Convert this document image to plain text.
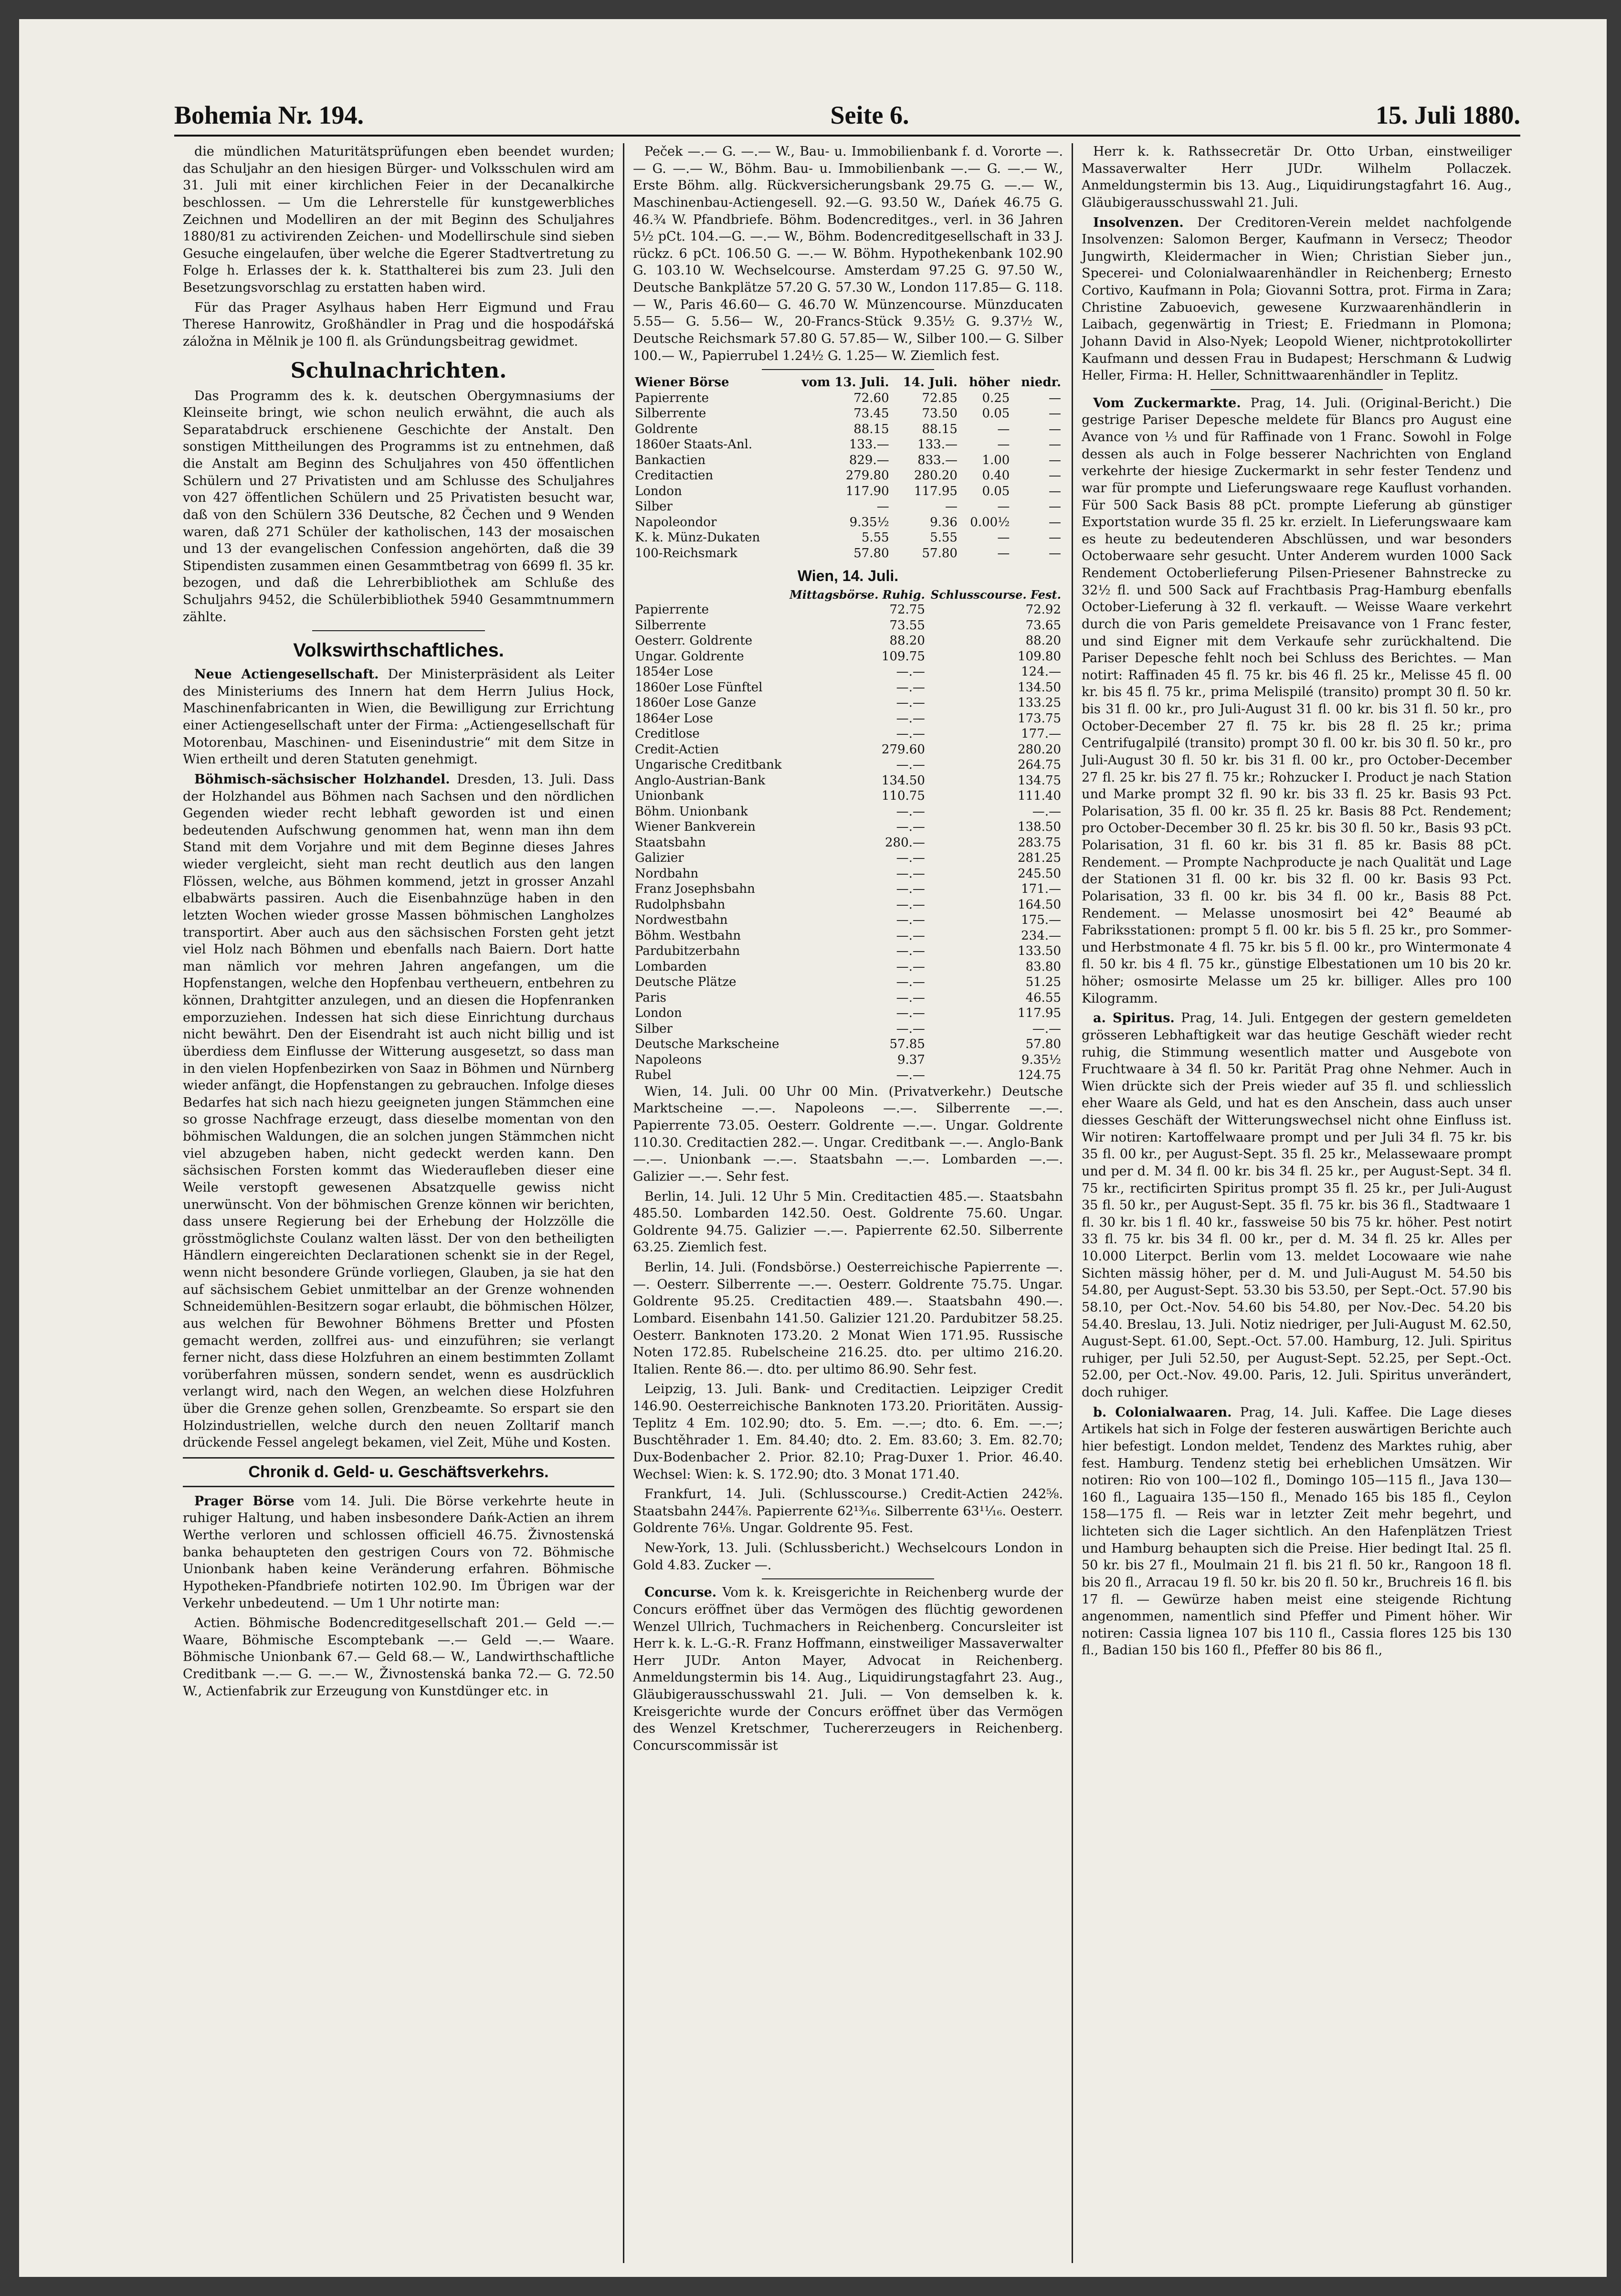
Bohemia Nr. 194.	Seite 6.	15. Juli 1880.

die mündlichen Maturitätsprüfungen eben beendet wurden; das Schuljahr an den hiesigen Bürger- und Volksschulen wird am 31. Juli mit einer kirchlichen Feier in der Decanalkirche beschlossen. — Um die Lehrerstelle für kunstgewerbliches Zeichnen und Modelliren an der mit Beginn des Schuljahres 1880/81 zu activirenden Zeichen- und Modellirschule sind sieben Gesuche eingelaufen, über welche die Egerer Stadtvertretung zu Folge h. Erlasses der k. k. Statthalterei bis zum 23. Juli den Besetzungsvorschlag zu erstatten haben wird.

Für das Prager Asylhaus haben Herr Eigmund und Frau Therese Hanrowitz, Großhändler in Prag und die hospodářská záložna in Mělnik je 100 fl. als Gründungsbeitrag gewidmet.

Schulnachrichten.

Das Programm des k. k. deutschen Obergymnasiums der Kleinseite bringt, wie schon neulich erwähnt, die auch als Separatabdruck erschienene Geschichte der Anstalt. Den sonstigen Mittheilungen des Programms ist zu entnehmen, daß die Anstalt am Beginn des Schuljahres von 450 öffentlichen Schülern und 27 Privatisten und am Schlusse des Schuljahres von 427 öffentlichen Schülern und 25 Privatisten besucht war, daß von den Schülern 336 Deutsche, 82 Čechen und 9 Wenden waren, daß 271 Schüler der katholischen, 143 der mosaischen und 13 der evangelischen Confession angehörten, daß die 39 Stipendisten zusammen einen Gesammtbetrag von 6699 fl. 35 kr. bezogen, und daß die Lehrerbibliothek am Schluße des Schuljahrs 9452, die Schülerbibliothek 5940 Gesammtnummern zählte.

Volkswirthschaftliches.

Neue Actiengesellschaft. Der Ministerpräsident als Leiter des Ministeriums des Innern hat dem Herrn Julius Hock, Maschinenfabricanten in Wien, die Bewilligung zur Errichtung einer Actiengesellschaft unter der Firma: „Actiengesellschaft für Motorenbau, Maschinen- und Eisenindustrie“ mit dem Sitze in Wien ertheilt und deren Statuten genehmigt.

Böhmisch-sächsischer Holzhandel. Dresden, 13. Juli. Dass der Holzhandel aus Böhmen nach Sachsen und den nördlichen Gegenden wieder recht lebhaft geworden ist und einen bedeutenden Aufschwung genommen hat, wenn man ihn dem Stand mit dem Vorjahre und mit dem Beginne dieses Jahres wieder vergleicht, sieht man recht deutlich aus den langen Flössen, welche, aus Böhmen kommend, jetzt in grosser Anzahl elbabwärts passiren. Auch die Eisenbahnzüge haben in den letzten Wochen wieder grosse Massen böhmischen Langholzes transportirt. Aber auch aus den sächsischen Forsten geht jetzt viel Holz nach Böhmen und ebenfalls nach Baiern. Dort hatte man nämlich vor mehren Jahren angefangen, um die Hopfenstangen, welche den Hopfenbau vertheuern, entbehren zu können, Drahtgitter anzulegen, und an diesen die Hopfenranken emporzuziehen. Indessen hat sich diese Einrichtung durchaus nicht bewährt. Den der Eisendraht ist auch nicht billig und ist überdiess dem Einflusse der Witterung ausgesetzt, so dass man in den vielen Hopfenbezirken von Saaz in Böhmen und Nürnberg wieder anfängt, die Hopfenstangen zu gebrauchen. Infolge dieses Bedarfes hat sich nach hiezu geeigneten jungen Stämmchen eine so grosse Nachfrage erzeugt, dass dieselbe momentan von den böhmischen Waldungen, die an solchen jungen Stämmchen nicht viel abzugeben haben, nicht gedeckt werden kann. Den sächsischen Forsten kommt das Wiederaufleben dieser eine Weile verstopft gewesenen Absatzquelle gewiss nicht unerwünscht. Von der böhmischen Grenze können wir berichten, dass unsere Regierung bei der Erhebung der Holzzölle die grösstmöglichste Coulanz walten lässt. Der von den betheiligten Händlern eingereichten Declarationen schenkt sie in der Regel, wenn nicht besondere Gründe vorliegen, Glauben, ja sie hat den auf sächsischem Gebiet unmittelbar an der Grenze wohnenden Schneidemühlen-Besitzern sogar erlaubt, die böhmischen Hölzer, aus welchen für Bewohner Böhmens Bretter und Pfosten gemacht werden, zollfrei aus- und einzuführen; sie verlangt ferner nicht, dass diese Holzfuhren an einem bestimmten Zollamt vorüberfahren müssen, sondern sendet, wenn es ausdrücklich verlangt wird, nach den Wegen, an welchen diese Holzfuhren über die Grenze gehen sollen, Grenzbeamte. So erspart sie den Holzindustriellen, welche durch den neuen Zolltarif manch drückende Fessel angelegt bekamen, viel Zeit, Mühe und Kosten.

Chronik d. Geld- u. Geschäftsverkehrs.

Prager Börse vom 14. Juli. Die Börse verkehrte heute in ruhiger Haltung, und haben insbesondere Dańk-Actien an ihrem Werthe verloren und schlossen officiell 46.75. Živnostenská banka behaupteten den gestrigen Cours von 72. Böhmische Unionbank haben keine Veränderung erfahren. Böhmische Hypotheken-Pfandbriefe notirten 102.90. Im Übrigen war der Verkehr unbedeutend. — Um 1 Uhr notirte man:

Actien. Böhmische Bodencreditgesellschaft 201.— Geld —.— Waare, Böhmische Escomptebank —.— Geld —.— Waare. Böhmische Unionbank 67.— Geld 68.— W., Landwirthschaftliche Creditbank —.— G. —.— W., Živnostenská banka 72.— G. 72.50 W., Actienfabrik zur Erzeugung von Kunstdünger etc. in

Peček —.— G. —.— W., Bau- u. Immobilienbank f. d. Vororte —.— G. —.— W., Böhm. Bau- u. Immobilienbank —.— G. —.— W., Erste Böhm. allg. Rückversicherungsbank 29.75 G. —.— W., Maschinenbau-Actiengesell. 92.—G. 93.50 W., Dańek 46.75 G. 46.¾ W. Pfandbriefe. Böhm. Bodencreditges., verl. in 36 Jahren 5½ pCt. 104.—G. —.— W., Böhm. Bodencreditgesellschaft in 33 J. rückz. 6 pCt. 106.50 G. —.— W. Böhm. Hypothekenbank 102.90 G. 103.10 W. Wechselcourse. Amsterdam 97.25 G. 97.50 W., Deutsche Bankplätze 57.20 G. 57.30 W., London 117.85— G. 118.— W., Paris 46.60— G. 46.70 W. Münzencourse. Münzducaten 5.55— G. 5.56— W., 20-Francs-Stück 9.35½ G. 9.37½ W., Deutsche Reichsmark 57.80 G. 57.85— W., Silber 100.— G. Silber 100.— W., Papierrubel 1.24½ G. 1.25— W. Ziemlich fest.

Wiener Börse	vom 13. Juli.	14. Juli.	höher	niedr.
Papierrente	72.60	72.85	0.25	—
Silberrente	73.45	73.50	0.05	—
Goldrente	88.15	88.15	—	—
1860er Staats-Anl.	133.—	133.—	—	—
Bankactien	829.—	833.—	1.00	—
Creditactien	279.80	280.20	0.40	—
London	117.90	117.95	0.05	—
Silber	—	—	—	—
Napoleondor	9.35½	9.36	0.00½	—
K. k. Münz-Dukaten	5.55	5.55	—	—
100-Reichsmark	57.80	57.80	—	—
Wien, 14. Juli.
	Mittagsbörse. Ruhig.	Schlusscourse. Fest.
Papierrente	72.75	72.92
Silberrente	73.55	73.65
Oesterr. Goldrente	88.20	88.20
Ungar. Goldrente	109.75	109.80
1854er Lose	—.—	124.—
1860er Lose Fünftel	—.—	134.50
1860er Lose Ganze	—.—	133.25
1864er Lose	—.—	173.75
Creditlose	—.—	177.—
Credit-Actien	279.60	280.20
Ungarische Creditbank	—.—	264.75
Anglo-Austrian-Bank	134.50	134.75
Unionbank	110.75	111.40
Böhm. Unionbank	—.—	—.—
Wiener Bankverein	—.—	138.50
Staatsbahn	280.—	283.75
Galizier	—.—	281.25
Nordbahn	—.—	245.50
Franz Josephsbahn	—.—	171.—
Rudolphsbahn	—.—	164.50
Nordwestbahn	—.—	175.—
Böhm. Westbahn	—.—	234.—
Pardubitzerbahn	—.—	133.50
Lombarden	—.—	83.80
Deutsche Plätze	—.—	51.25
Paris	—.—	46.55
London	—.—	117.95
Silber	—.—	—.—
Deutsche Markscheine	57.85	57.80
Napoleons	9.37	9.35½
Rubel	—.—	124.75

Wien, 14. Juli. 00 Uhr 00 Min. (Privatverkehr.) Deutsche Marktscheine —.—. Napoleons —.—. Silberrente —.—. Papierrente 73.05. Oesterr. Goldrente —.—. Ungar. Goldrente 110.30. Creditactien 282.—. Ungar. Creditbank —.—. Anglo-Bank —.—. Unionbank —.—. Staatsbahn —.—. Lombarden —.—. Galizier —.—. Sehr fest.

Berlin, 14. Juli. 12 Uhr 5 Min. Creditactien 485.—. Staatsbahn 485.50. Lombarden 142.50. Oest. Goldrente 75.60. Ungar. Goldrente 94.75. Galizier —.—. Papierrente 62.50. Silberrente 63.25. Ziemlich fest.

Berlin, 14. Juli. (Fondsbörse.) Oesterreichische Papierrente —.—. Oesterr. Silberrente —.—. Oesterr. Goldrente 75.75. Ungar. Goldrente 95.25. Creditactien 489.—. Staatsbahn 490.—. Lombard. Eisenbahn 141.50. Galizier 121.20. Pardubitzer 58.25. Oesterr. Banknoten 173.20. 2 Monat Wien 171.95. Russische Noten 172.85. Rubelscheine 216.25. dto. per ultimo 216.20. Italien. Rente 86.—. dto. per ultimo 86.90. Sehr fest.

Leipzig, 13. Juli. Bank- und Creditactien. Leipziger Credit 146.90. Oesterreichische Banknoten 173.20. Prioritäten. Aussig-Teplitz 4 Em. 102.90; dto. 5. Em. —.—; dto. 6. Em. —.—; Buschtěhrader 1. Em. 84.40; dto. 2. Em. 83.60; 3. Em. 82.70; Dux-Bodenbacher 2. Prior. 82.10; Prag-Duxer 1. Prior. 46.40. Wechsel: Wien: k. S. 172.90; dto. 3 Monat 171.40.

Frankfurt, 14. Juli. (Schlusscourse.) Credit-Actien 242⅝. Staatsbahn 244⅞. Papierrente 62¹³⁄₁₆. Silberrente 63¹¹⁄₁₆. Oesterr. Goldrente 76⅛. Ungar. Goldrente 95. Fest.

New-York, 13. Juli. (Schlussbericht.) Wechselcours London in Gold 4.83. Zucker —.

Concurse. Vom k. k. Kreisgerichte in Reichenberg wurde der Concurs eröffnet über das Vermögen des flüchtig gewordenen Wenzel Ullrich, Tuchmachers in Reichenberg. Concursleiter ist Herr k. k. L.-G.-R. Franz Hoffmann, einstweiliger Massaverwalter Herr JUDr. Anton Mayer, Advocat in Reichenberg. Anmeldungstermin bis 14. Aug., Liquidirungstagfahrt 23. Aug., Gläubigerausschusswahl 21. Juli. — Von demselben k. k. Kreisgerichte wurde der Concurs eröffnet über das Vermögen des Wenzel Kretschmer, Tuchererzeugers in Reichenberg. Concurscommissär ist

Herr k. k. Rathssecretär Dr. Otto Urban, einstweiliger Massaverwalter Herr JUDr. Wilhelm Pollaczek. Anmeldungstermin bis 13. Aug., Liquidirungstagfahrt 16. Aug., Gläubigerausschusswahl 21. Juli.

Insolvenzen. Der Creditoren-Verein meldet nachfolgende Insolvenzen: Salomon Berger, Kaufmann in Versecz; Theodor Jungwirth, Kleidermacher in Wien; Christian Sieber jun., Specerei- und Colonialwaarenhändler in Reichenberg; Ernesto Cortivo, Kaufmann in Pola; Giovanni Sottra, prot. Firma in Zara; Christine Zabuoevich, gewesene Kurzwaarenhändlerin in Laibach, gegenwärtig in Triest; E. Friedmann in Plomona; Johann David in Also-Nyek; Leopold Wiener, nichtprotokollirter Kaufmann und dessen Frau in Budapest; Herschmann & Ludwig Heller, Firma: H. Heller, Schnittwaarenhändler in Teplitz.

Vom Zuckermarkte. Prag, 14. Juli. (Original-Bericht.) Die gestrige Pariser Depesche meldete für Blancs pro August eine Avance von ⅓ und für Raffinade von 1 Franc. Sowohl in Folge dessen als auch in Folge besserer Nachrichten von England verkehrte der hiesige Zuckermarkt in sehr fester Tendenz und war für prompte und Lieferungswaare rege Kauflust vorhanden. Für 500 Sack Basis 88 pCt. prompte Lieferung ab günstiger Exportstation wurde 35 fl. 25 kr. erzielt. In Lieferungswaare kam es heute zu bedeutenderen Abschlüssen, und war besonders Octoberwaare sehr gesucht. Unter Anderem wurden 1000 Sack Rendement Octoberlieferung Pilsen-Priesener Bahnstrecke zu 32½ fl. und 500 Sack auf Frachtbasis Prag-Hamburg ebenfalls October-Lieferung à 32 fl. verkauft. — Weisse Waare verkehrt durch die von Paris gemeldete Preisavance von 1 Franc fester, und sind Eigner mit dem Verkaufe sehr zurückhaltend. Die Pariser Depesche fehlt noch bei Schluss des Berichtes. — Man notirt: Raffinaden 45 fl. 75 kr. bis 46 fl. 25 kr., Melisse 45 fl. 00 kr. bis 45 fl. 75 kr., prima Melispilé (transito) prompt 30 fl. 50 kr. bis 31 fl. 00 kr., pro Juli-August 31 fl. 00 kr. bis 31 fl. 50 kr., pro October-December 27 fl. 75 kr. bis 28 fl. 25 kr.; prima Centrifugalpilé (transito) prompt 30 fl. 00 kr. bis 30 fl. 50 kr., pro Juli-August 30 fl. 50 kr. bis 31 fl. 00 kr., pro October-December 27 fl. 25 kr. bis 27 fl. 75 kr.; Rohzucker I. Product je nach Station und Marke prompt 32 fl. 90 kr. bis 33 fl. 25 kr. Basis 93 Pct. Polarisation, 35 fl. 00 kr. 35 fl. 25 kr. Basis 88 Pct. Rendement; pro October-December 30 fl. 25 kr. bis 30 fl. 50 kr., Basis 93 pCt. Polarisation, 31 fl. 60 kr. bis 31 fl. 85 kr. Basis 88 pCt. Rendement. — Prompte Nachproducte je nach Qualität und Lage der Stationen 31 fl. 00 kr. bis 32 fl. 00 kr. Basis 93 Pct. Polarisation, 33 fl. 00 kr. bis 34 fl. 00 kr., Basis 88 Pct. Rendement. — Melasse unosmosirt bei 42° Beaumé ab Fabriksstationen: prompt 5 fl. 00 kr. bis 5 fl. 25 kr., pro Sommer- und Herbstmonate 4 fl. 75 kr. bis 5 fl. 00 kr., pro Wintermonate 4 fl. 50 kr. bis 4 fl. 75 kr., günstige Elbestationen um 10 bis 20 kr. höher; osmosirte Melasse um 25 kr. billiger. Alles pro 100 Kilogramm.

a. Spiritus. Prag, 14. Juli. Entgegen der gestern gemeldeten grösseren Lebhaftigkeit war das heutige Geschäft wieder recht ruhig, die Stimmung wesentlich matter und Ausgebote von Fruchtwaare à 34 fl. 50 kr. Parität Prag ohne Nehmer. Auch in Wien drückte sich der Preis wieder auf 35 fl. und schliesslich eher Waare als Geld, und hat es den Anschein, dass auch unser diesses Geschäft der Witterungswechsel nicht ohne Einfluss ist. Wir notiren: Kartoffelwaare prompt und per Juli 34 fl. 75 kr. bis 35 fl. 00 kr., per August-Sept. 35 fl. 25 kr., Melassewaare prompt und per d. M. 34 fl. 00 kr. bis 34 fl. 25 kr., per August-Sept. 34 fl. 75 kr., rectificirten Spiritus prompt 35 fl. 25 kr., per Juli-August 35 fl. 50 kr., per August-Sept. 35 fl. 75 kr. bis 36 fl., Stadtwaare 1 fl. 30 kr. bis 1 fl. 40 kr., fassweise 50 bis 75 kr. höher. Pest notirt 33 fl. 75 kr. bis 34 fl. 00 kr., per d. M. 34 fl. 25 kr. Alles per 10.000 Literpct. Berlin vom 13. meldet Locowaare wie nahe Sichten mässig höher, per d. M. und Juli-August M. 54.50 bis 54.80, per August-Sept. 53.30 bis 53.50, per Sept.-Oct. 57.90 bis 58.10, per Oct.-Nov. 54.60 bis 54.80, per Nov.-Dec. 54.20 bis 54.40. Breslau, 13. Juli. Notiz niedriger, per Juli-August M. 62.50, August-Sept. 61.00, Sept.-Oct. 57.00. Hamburg, 12. Juli. Spiritus ruhiger, per Juli 52.50, per August-Sept. 52.25, per Sept.-Oct. 52.00, per Oct.-Nov. 49.00. Paris, 12. Juli. Spiritus unverändert, doch ruhiger.

b. Colonialwaaren. Prag, 14. Juli. Kaffee. Die Lage dieses Artikels hat sich in Folge der festeren auswärtigen Berichte auch hier befestigt. London meldet, Tendenz des Marktes ruhig, aber fest. Hamburg. Tendenz stetig bei erheblichen Umsätzen. Wir notiren: Rio von 100—102 fl., Domingo 105—115 fl., Java 130—160 fl., Laguaira 135—150 fl., Menado 165 bis 185 fl., Ceylon 158—175 fl. — Reis war in letzter Zeit mehr begehrt, und lichteten sich die Lager sichtlich. An den Hafenplätzen Triest und Hamburg behaupten sich die Preise. Hier bedingt Ital. 25 fl. 50 kr. bis 27 fl., Moulmain 21 fl. bis 21 fl. 50 kr., Rangoon 18 fl. bis 20 fl., Arracau 19 fl. 50 kr. bis 20 fl. 50 kr., Bruchreis 16 fl. bis 17 fl. — Gewürze haben meist eine steigende Richtung angenommen, namentlich sind Pfeffer und Piment höher. Wir notiren: Cassia lignea 107 bis 110 fl., Cassia flores 125 bis 130 fl., Badian 150 bis 160 fl., Pfeffer 80 bis 86 fl.,
